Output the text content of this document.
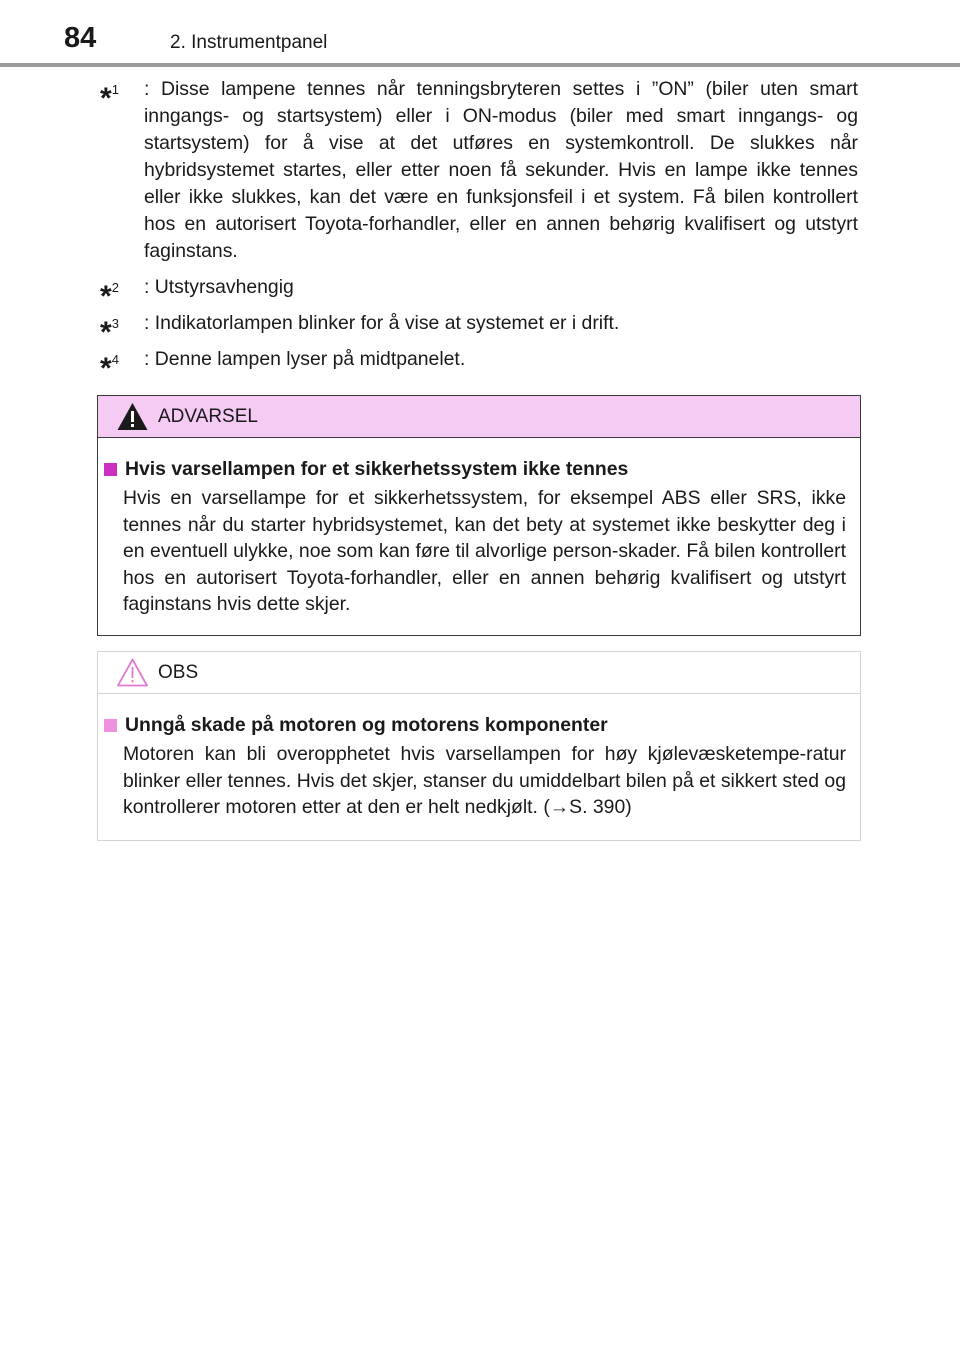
84	2. Instrumentpanel
*$^1$ : Disse lampene tennes når tenningsbryteren settes i ”ON” (biler uten smart inngangs- og startsystem) eller i ON-modus (biler med smart inngangs- og startsystem) for å vise at det utføres en systemkontroll. De slukkes når hybridsystemet startes, eller etter noen få sekunder. Hvis en lampe ikke tennes eller ikke slukkes, kan det være en funksjonsfeil i et system. Få bilen kontrollert hos en autorisert Toyota-forhandler, eller en annen behørig kvalifisert og utstyrt faginstans.
*$^2$ : Utstyrsavhengig
*$^3$ : Indikatorlampen blinker for å vise at systemet er i drift.
*$^4$ : Denne lampen lyser på midtpanelet.
ADVARSEL
Hvis varsellampen for et sikkerhetssystem ikke tennes
Hvis en varsellampe for et sikkerhetssystem, for eksempel ABS eller SRS, ikke tennes når du starter hybridsystemet, kan det bety at systemet ikke beskytter deg i en eventuell ulykke, noe som kan føre til alvorlige person-skader. Få bilen kontrollert hos en autorisert Toyota-forhandler, eller en annen behørig kvalifisert og utstyrt faginstans hvis dette skjer.
OBS
Unngå skade på motoren og motorens komponenter
Motoren kan bli overopphetet hvis varsellampen for høy kjølevæsketempe-ratur blinker eller tennes. Hvis det skjer, stanser du umiddelbart bilen på et sikkert sted og kontrollerer motoren etter at den er helt nedkjølt. (→S. 390)
